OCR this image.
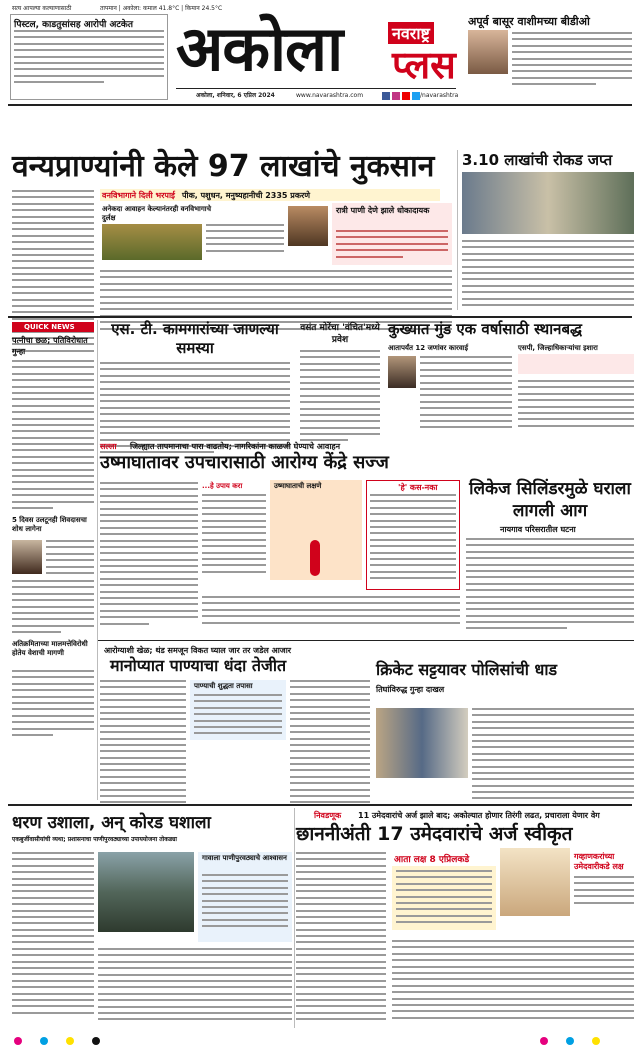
सत्य आपल्या कल्याणासाठी	तापमान | अकोला: कमाल 41.8°C | किमान 24.5°C
अकोला	नवराष्ट्र
प्लस
अकोला, शनिवार, 6 एप्रिल 2024	www.navarashtra.com	/navarashtra
पिस्टल, काडतुसांसह आरोपी अटकेत	अपूर्व बासूर वाशीमच्या बीडीओ
वन्यप्राण्यांनी केले 97 लाखांचे नुकसान
वनविभागाने दिली भरपाई पीक, पशुधन, मनुष्यहानीची 2335 प्रकरणे
अनेकदा आवाहन केल्यानंतरही वनविभागाचे दुर्लक्ष
रात्री पाणी देणे झाले धोकादायक
3.10 लाखांची रोकड जप्त
QUICK NEWS
पत्नीचा छळ; पतिविरोधात गुन्हा
5 दिवस उलटूनही शिवदासचा शोध लागेना
अतिक्रमिताच्या मालमत्तेविरोधी होतेय वेशाची मागणी
एस. टी. कामगारांच्या जाणल्या समस्या
वसंत मोरेंचा 'वंचित'मध्ये प्रवेश
कुख्यात गुंड एक वर्षासाठी स्थानबद्ध
आतापर्यंत 12 जणांवर कारवाई	एसपी, जिल्हाधिकाऱ्यांचा इशारा
सल्ला जिल्ह्यात तापमानाचा पारा वाढतोय; नागरिकांना काळजी घेण्याचे आवाहन
उष्माघातावर उपचारासाठी आरोग्य केंद्रे सज्ज
...हे उपाय करा	उष्माघाताची लक्षणे	'हे' कस-नका लिकेज सिलिंडरमुळे घराला लागली आग
नायगाव परिसरातील घटना
आरोग्याशी खेळ; थंड समजून विकत घ्याल जार तर जडेल आजार
मानोप्यात पाण्याचा धंदा तेजीत
पाण्याची शुद्धता तपासा
क्रिकेट सट्टयावर पोलिसांची धाड
तिघांविरुद्ध गुन्हा दाखल
निवडणूक 11 उमेदवारांचे अर्ज झाले बाद; अकोल्यात होणार तिरंगी लढत, प्रचाराला येणार वेग
छाननीअंती 17 उमेदवारांचे अर्ज स्वीकृत
आता लक्ष 8 एप्रिलकडे	गव्हाणकरांच्या उमेदवारीकडे लक्ष
धरण उशाला, अन् कोरड घशाला
एकबुर्जीवासीयांची व्यथा; प्रशासनाचा पाणीपुरवठ्याच्या उपाययोजना तोकड्या
गावाला पाणीपुरवठ्याचे आश्वासन
